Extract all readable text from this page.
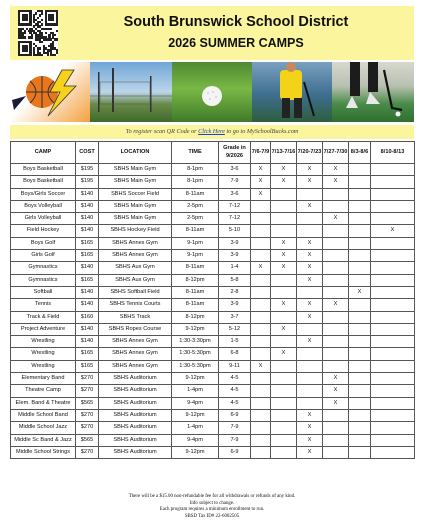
South Brunswick School District
2026 SUMMER CAMPS
To register scan QR Code or Click Here to go to MySchoolBucks.com
CAMP	COST	LOCATION	TIME	Grade in 9/2026	7/6-7/9	7/13-7/16	7/20-7/23	7/27-7/30	8/3-8/6	8/10-8/13
Boys Basketball	$195	SBHS Main Gym	8-1pm	3-6	X	X	X	X		
Boys Basketball	$195	SBHS Main Gym	8-1pm	7-9	X	X	X	X		
Boys/Girls Soccer	$140	SBHS Soccer Field	8-11am	3-6	X					
Boys Volleyball	$140	SBHS Main Gym	2-5pm	7-12			X			
Girls Volleyball	$140	SBHS Main Gym	2-5pm	7-12				X		
Field Hockey	$140	SBHS Hockey Field	8-11am	5-10						X
Boys Golf	$165	SBHS Annex Gym	9-1pm	3-9		X	X			
Girls Golf	$165	SBHS Annex Gym	9-1pm	3-9		X	X			
Gymnastics	$140	SBHS Aux Gym	8-11am	1-4	X	X	X			
Gymnastics	$165	SBHS Aux Gym	8-12pm	5-8			X			
Softball	$140	SBHS Softball Field	8-11am	2-8					X	
Tennis	$140	SBHS Tennis Courts	8-11am	3-9		X	X	X		
Track & Field	$160	SBHS Track	8-12pm	3-7			X			
Project Adventure	$140	SBHS Ropes Course	9-12pm	5-12		X				
Wrestling	$140	SBHS Annex Gym	1:30-3:30pm	1-5			X			
Wrestling	$165	SBHS Annex Gym	1:30-5:30pm	6-8		X				
Wrestling	$165	SBHS Annex Gym	1:30-5:30pm	9-11	X					
Elementary Band	$270	SBHS Auditorium	9-12pm	4-5				X		
Theatre Camp	$270	SBHS Auditorium	1-4pm	4-5				X		
Elem. Band & Theatre	$565	SBHS Auditorium	9-4pm	4-5				X		
Middle School Band	$270	SBHS Auditorium	9-12pm	6-9			X			
Middle School Jazz	$270	SBHS Auditorium	1-4pm	7-9			X			
Middle Sc Band & Jazz	$565	SBHS Auditorium	9-4pm	7-9			X			
Middle School Strings	$270	SBHS Auditorium	9-12pm	6-9			X			
There will be a $15.00 non-refundable fee for all withdrawals or refunds of any kind.
Info subject to change.
Each program requires a minimum enrollment to run.
SBSD Tax ID# 22-6002505
